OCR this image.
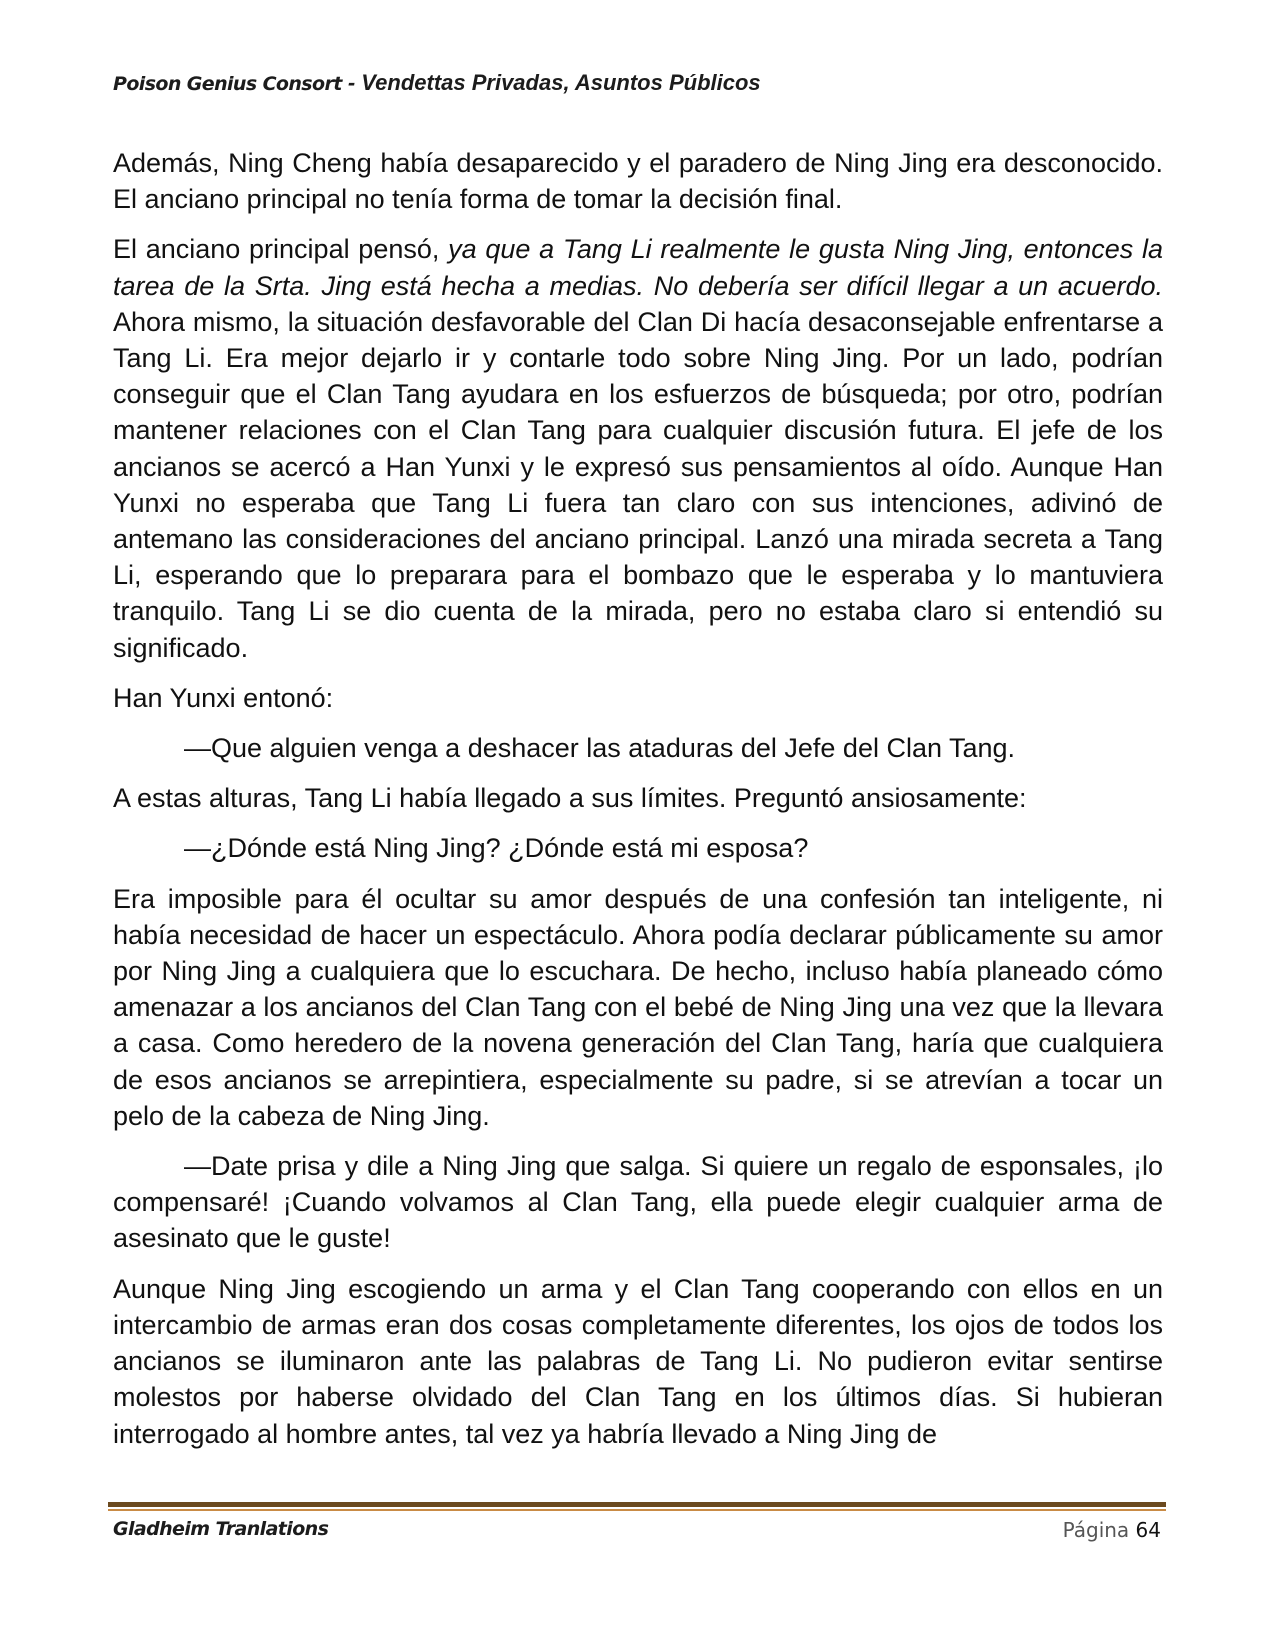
Poison Genius Consort - Vendettas Privadas, Asuntos Públicos

Además, Ning Cheng había desaparecido y el paradero de Ning Jing era desconocido. El anciano principal no tenía forma de tomar la decisión final.

El anciano principal pensó, ya que a Tang Li realmente le gusta Ning Jing, entonces la tarea de la Srta. Jing está hecha a medias. No debería ser difícil llegar a un acuerdo. Ahora mismo, la situación desfavorable del Clan Di hacía desaconsejable enfrentarse a Tang Li. Era mejor dejarlo ir y contarle todo sobre Ning Jing. Por un lado, podrían conseguir que el Clan Tang ayudara en los esfuerzos de búsqueda; por otro, podrían mantener relaciones con el Clan Tang para cualquier discusión futura. El jefe de los ancianos se acercó a Han Yunxi y le expresó sus pensamientos al oído. Aunque Han Yunxi no esperaba que Tang Li fuera tan claro con sus intenciones, adivinó de antemano las consideraciones del anciano principal. Lanzó una mirada secreta a Tang Li, esperando que lo preparara para el bombazo que le esperaba y lo mantuviera tranquilo. Tang Li se dio cuenta de la mirada, pero no estaba claro si entendió su significado.

Han Yunxi entonó:

—Que alguien venga a deshacer las ataduras del Jefe del Clan Tang.

A estas alturas, Tang Li había llegado a sus límites. Preguntó ansiosamente:

—¿Dónde está Ning Jing? ¿Dónde está mi esposa?

Era imposible para él ocultar su amor después de una confesión tan inteligente, ni había necesidad de hacer un espectáculo. Ahora podía declarar públicamente su amor por Ning Jing a cualquiera que lo escuchara. De hecho, incluso había planeado cómo amenazar a los ancianos del Clan Tang con el bebé de Ning Jing una vez que la llevara a casa. Como heredero de la novena generación del Clan Tang, haría que cualquiera de esos ancianos se arrepintiera, especialmente su padre, si se atrevían a tocar un pelo de la cabeza de Ning Jing.

—Date prisa y dile a Ning Jing que salga. Si quiere un regalo de esponsales, ¡lo compensaré! ¡Cuando volvamos al Clan Tang, ella puede elegir cualquier arma de asesinato que le guste!

Aunque Ning Jing escogiendo un arma y el Clan Tang cooperando con ellos en un intercambio de armas eran dos cosas completamente diferentes, los ojos de todos los ancianos se iluminaron ante las palabras de Tang Li. No pudieron evitar sentirse molestos por haberse olvidado del Clan Tang en los últimos días. Si hubieran interrogado al hombre antes, tal vez ya habría llevado a Ning Jing de

Gladheim Tranlations	Página 64
